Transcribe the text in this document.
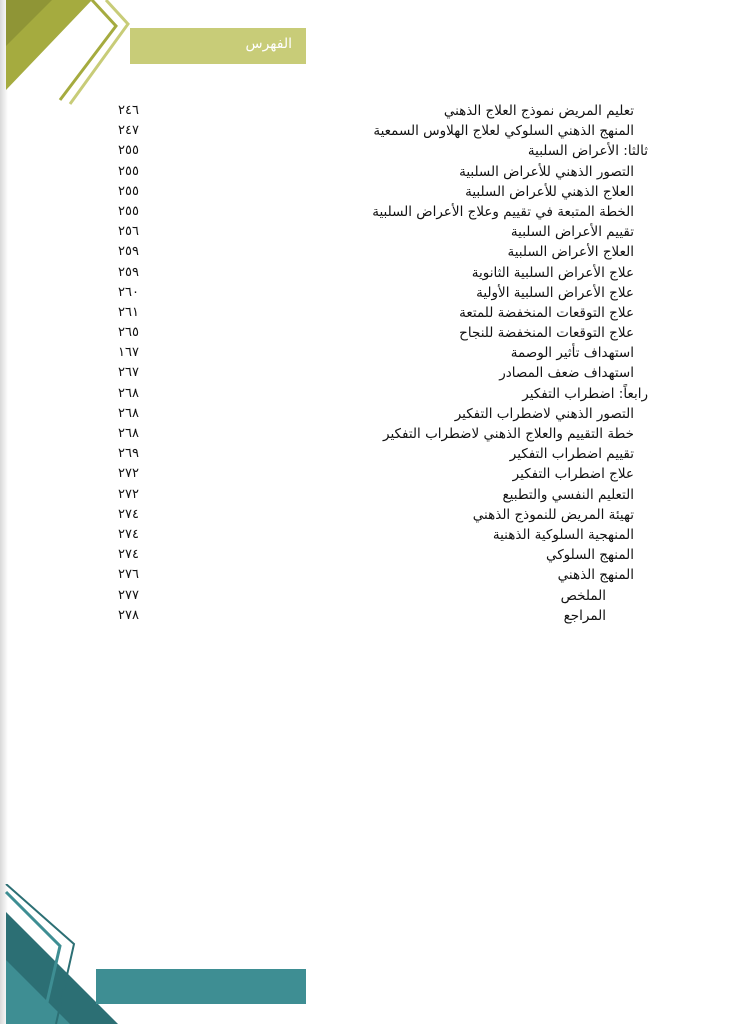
الفهرس
تعليم المريض نموذج العلاج الذهني
٢٤٦
المنهج الذهني السلوكي لعلاج الهلاوس السمعية
٢٤٧
ثالثا: الأعراض السلبية
٢٥٥
التصور الذهني للأعراض السلبية
٢٥٥
العلاج الذهني للأعراض السلبية
٢٥٥
الخطة المتبعة في تقييم وعلاج الأعراض السلبية
٢٥٥
تقييم الأعراض السلبية
٢٥٦
العلاج الأعراض السلبية
٢٥٩
علاج الأعراض السلبية الثانوية
٢٥٩
علاج الأعراض السلبية الأولية
٢٦٠
علاج التوقعات المنخفضة للمتعة
٢٦١
علاج التوقعات المنخفضة للنجاح
٢٦٥
استهداف تأثير الوصمة
١٦٧
استهداف ضعف المصادر
٢٦٧
رابعاً: اضطراب التفكير
٢٦٨
التصور الذهني لاضطراب التفكير
٢٦٨
خطة التقييم والعلاج الذهني لاضطراب التفكير
٢٦٨
تقييم اضطراب التفكير
٢٦٩
علاج اضطراب التفكير
٢٧٢
التعليم النفسي والتطبيع
٢٧٢
تهيئة المريض للنموذج الذهني
٢٧٤
المنهجية السلوكية الذهنية
٢٧٤
المنهج السلوكي
٢٧٤
المنهج الذهني
٢٧٦
الملخص
٢٧٧
المراجع
٢٧٨
